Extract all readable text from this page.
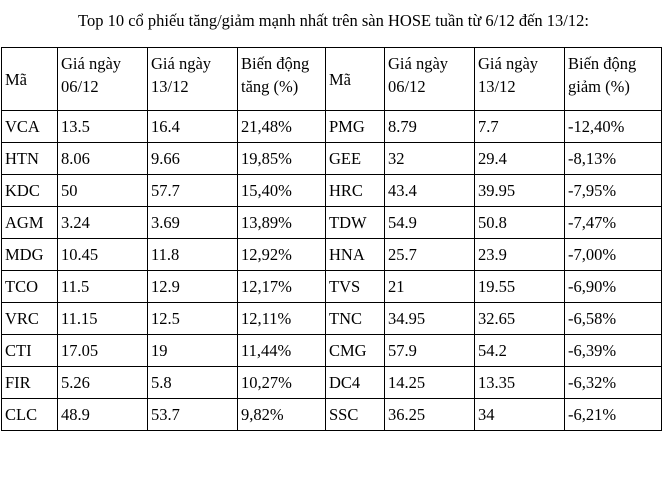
Top 10 cổ phiếu tăng/giảm mạnh nhất trên sàn HOSE tuần từ 6/12 đến 13/12:
Mã	Giá ngày 06/12	Giá ngày 13/12	Biến động tăng (%)	Mã	Giá ngày 06/12	Giá ngày 13/12	Biến động giảm (%)
VCA	13.5	16.4	21,48%	PMG	8.79	7.7	-12,40%
HTN	8.06	9.66	19,85%	GEE	32	29.4	-8,13%
KDC	50	57.7	15,40%	HRC	43.4	39.95	-7,95%
AGM	3.24	3.69	13,89%	TDW	54.9	50.8	-7,47%
MDG	10.45	11.8	12,92%	HNA	25.7	23.9	-7,00%
TCO	11.5	12.9	12,17%	TVS	21	19.55	-6,90%
VRC	11.15	12.5	12,11%	TNC	34.95	32.65	-6,58%
CTI	17.05	19	11,44%	CMG	57.9	54.2	-6,39%
FIR	5.26	5.8	10,27%	DC4	14.25	13.35	-6,32%
CLC	48.9	53.7	9,82%	SSC	36.25	34	-6,21%
